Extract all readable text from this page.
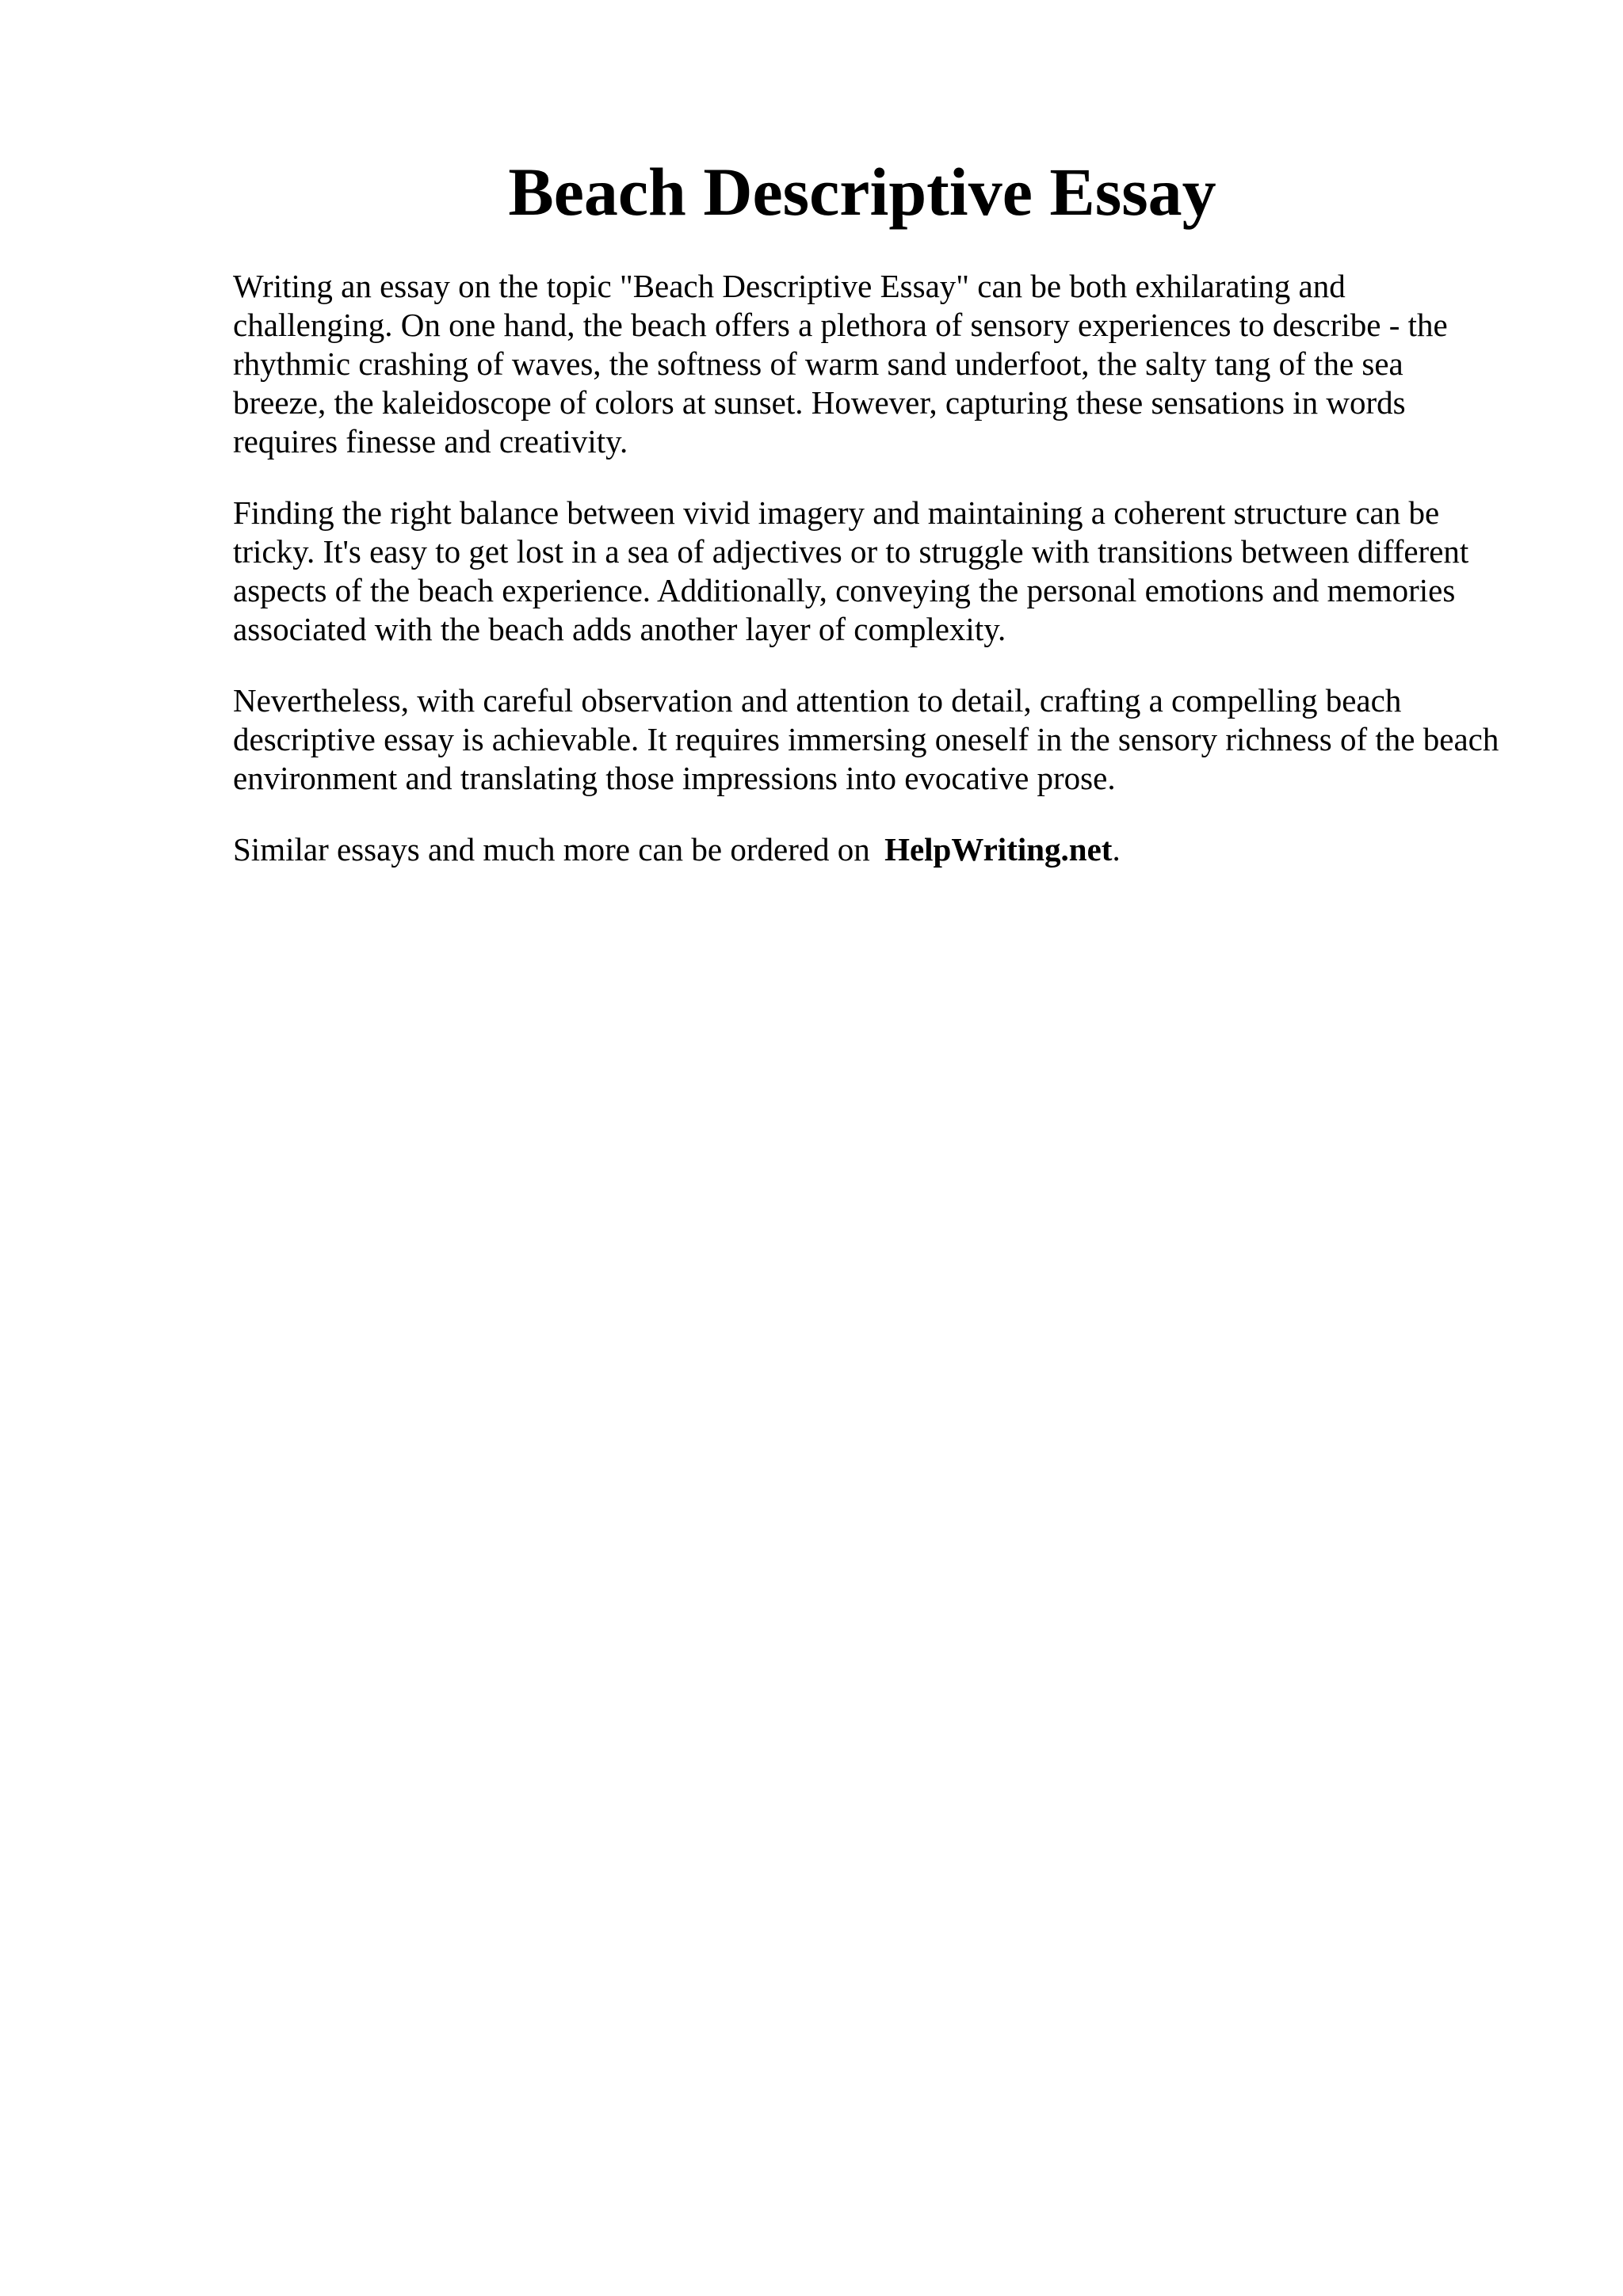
Beach Descriptive Essay

Writing an essay on the topic "Beach Descriptive Essay" can be both exhilarating and
challenging. On one hand, the beach offers a plethora of sensory experiences to describe - the
rhythmic crashing of waves, the softness of warm sand underfoot, the salty tang of the sea
breeze, the kaleidoscope of colors at sunset. However, capturing these sensations in words
requires finesse and creativity.

Finding the right balance between vivid imagery and maintaining a coherent structure can be
tricky. It's easy to get lost in a sea of adjectives or to struggle with transitions between different
aspects of the beach experience. Additionally, conveying the personal emotions and memories
associated with the beach adds another layer of complexity.

Nevertheless, with careful observation and attention to detail, crafting a compelling beach
descriptive essay is achievable. It requires immersing oneself in the sensory richness of the beach
environment and translating those impressions into evocative prose.

Similar essays and much more can be ordered on HelpWriting.net.
